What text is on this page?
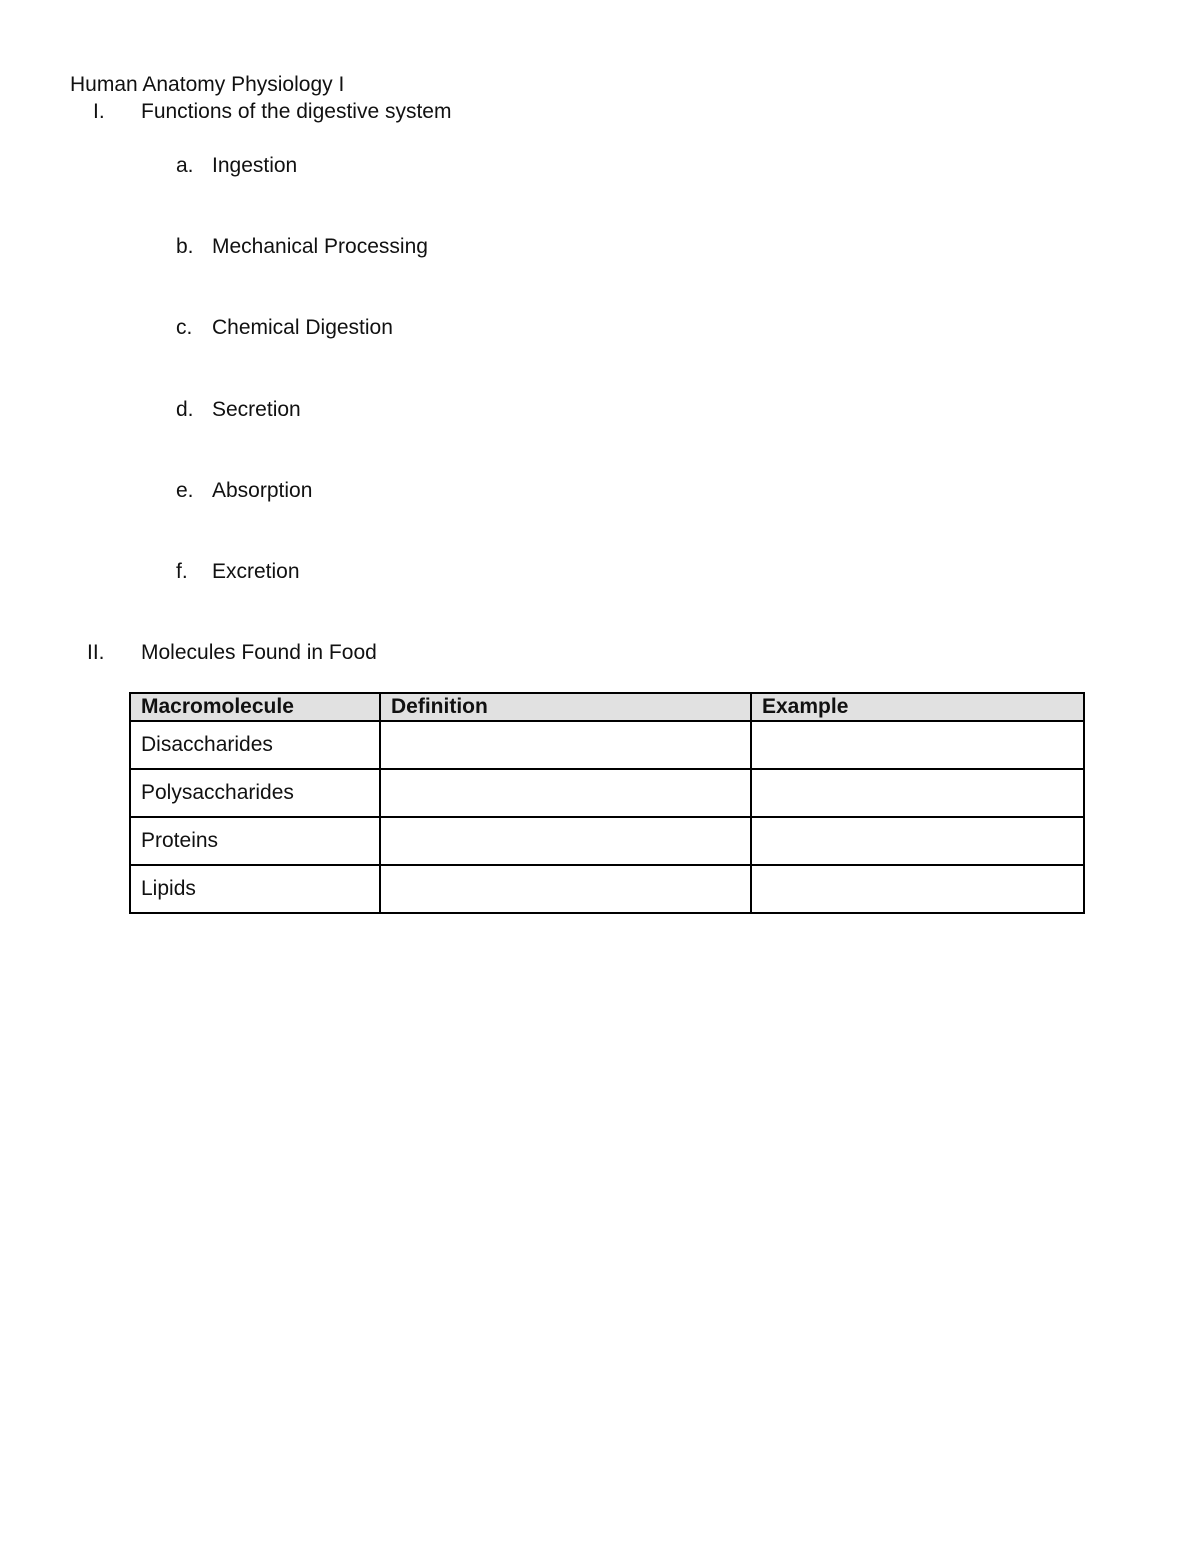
Human Anatomy Physiology I
I. Functions of the digestive system
a. Ingestion
b. Mechanical Processing
c. Chemical Digestion
d. Secretion
e. Absorption
f. Excretion
II. Molecules Found in Food
Macromolecule	Definition	Example
Disaccharides		
Polysaccharides		
Proteins		
Lipids		
